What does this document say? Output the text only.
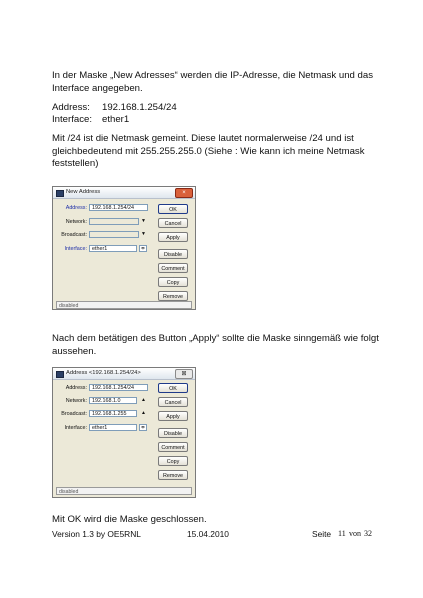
In der Maske „New Adresses“ werden die IP-Adresse, die Netmask und das Interface angegeben.

Address: 192.168.1.254/24
Interface: ether1

Mit /24 ist die Netmask gemeint. Diese lautet normalerweise /24 und ist gleichbedeutend mit 255.255.255.0 (Siehe : Wie kann ich meine Netmask feststellen)

New Address	×
Address: 192.168.1.254/24
Network:	▼
Broadcast:	▼
Interface: ether1	≑
OK
Cancel
Apply
Disable
Comment
Copy
Remove
disabled

Nach dem betätigen des Button „Apply“ sollte die Maske sinngemäß wie folgt aussehen.

Address <192.168.1.254/24>	⊠
Address: 192.168.1.254/24
Network: 192.168.1.0	▲
Broadcast: 192.168.1.255	▲
Interface: ether1	≑
OK
Cancel
Apply
Disable
Comment
Copy
Remove
disabled

Mit OK wird die Maske geschlossen.

Version 1.3 by OE5RNL	15.04.2010	Seite 11 von 32
